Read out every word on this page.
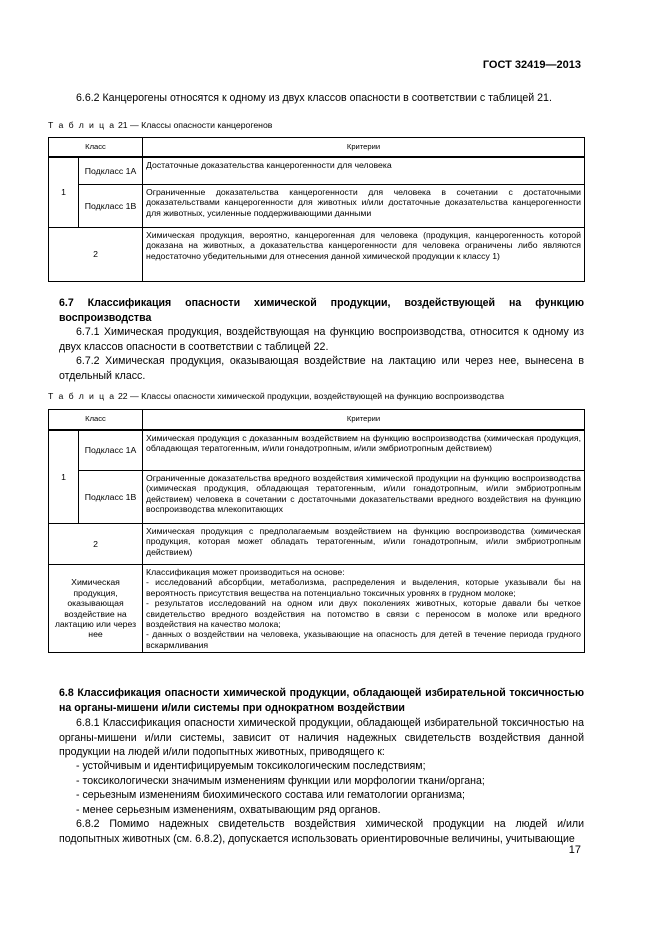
ГОСТ 32419—2013
6.6.2 Канцерогены относятся к одному из двух классов опасности в соответствии с таблицей 21.
Т а б л и ц а 21 — Классы опасности канцерогенов
Класс		Критерии
1	Подкласс 1А	Достаточные доказательства канцерогенности для человека
	Подкласс 1В	Ограниченные доказательства канцерогенности для человека в сочетании с достаточными доказательствами канцерогенности для животных и/или достаточные доказательства канцерогенности для животных, усиленные поддерживающими данными
2		Химическая продукция, вероятно, канцерогенная для человека (продукция, канцерогенность которой доказана на животных, а доказательства канцерогенности для человека ограничены либо являются недостаточно убедительными для отнесения данной химической продукции к классу 1)
6.7 Классификация опасности химической продукции, воздействующей на функцию воспроизводства
6.7.1 Химическая продукция, воздействующая на функцию воспроизводства, относится к одному из двух классов опасности в соответствии с таблицей 22.
6.7.2 Химическая продукция, оказывающая воздействие на лактацию или через нее, вынесена в отдельный класс.
Т а б л и ц а 22 — Классы опасности химической продукции, воздействующей на функцию воспроизводства
Класс		Критерии
1	Подкласс 1А	Химическая продукция с доказанным воздействием на функцию воспроизводства (химическая продукция, обладающая тератогенным, и/или гонадотропным, и/или эмбриотропным действием)
	Подкласс 1В	Ограниченные доказательства вредного воздействия химической продукции на функцию воспроизводства (химическая продукция, обладающая тератогенным, и/или гонадотропным, и/или эмбриотропным действием) человека в сочетании с достаточными доказательствами вредного воздействия на функцию воспроизводства млекопитающих
2		Химическая продукция с предполагаемым воздействием на функцию воспроизводства (химическая продукция, которая может обладать тератогенным, и/или гонадотропным, и/или эмбриотропным действием)
Химическая продукция, оказывающая воздействие на лактацию или через нее		Классификация может производиться на основе:
- исследований абсорбции, метаболизма, распределения и выделения, которые указывали бы на вероятность присутствия вещества на потенциально токсичных уровнях в грудном молоке;
- результатов исследований на одном или двух поколениях животных, которые давали бы четкое свидетельство вредного воздействия на потомство в связи с переносом в молоке или вредного воздействия на качество молока;
- данных о воздействии на человека, указывающие на опасность для детей в течение периода грудного вскармливания
6.8 Классификация опасности химической продукции, обладающей избирательной токсичностью на органы-мишени и/или системы при однократном воздействии
6.8.1 Классификация опасности химической продукции, обладающей избирательной токсичностью на органы-мишени и/или системы, зависит от наличия надежных свидетельств воздействия данной продукции на людей и/или подопытных животных, приводящего к:
- устойчивым и идентифицируемым токсикологическим последствиям;
- токсикологически значимым изменениям функции или морфологии ткани/органа;
- серьезным изменениям биохимического состава или гематологии организма;
- менее серьезным изменениям, охватывающим ряд органов.
6.8.2 Помимо надежных свидетельств воздействия химической продукции на людей и/или подопытных животных (см. 6.8.2), допускается использовать ориентировочные величины, учитывающие
17
